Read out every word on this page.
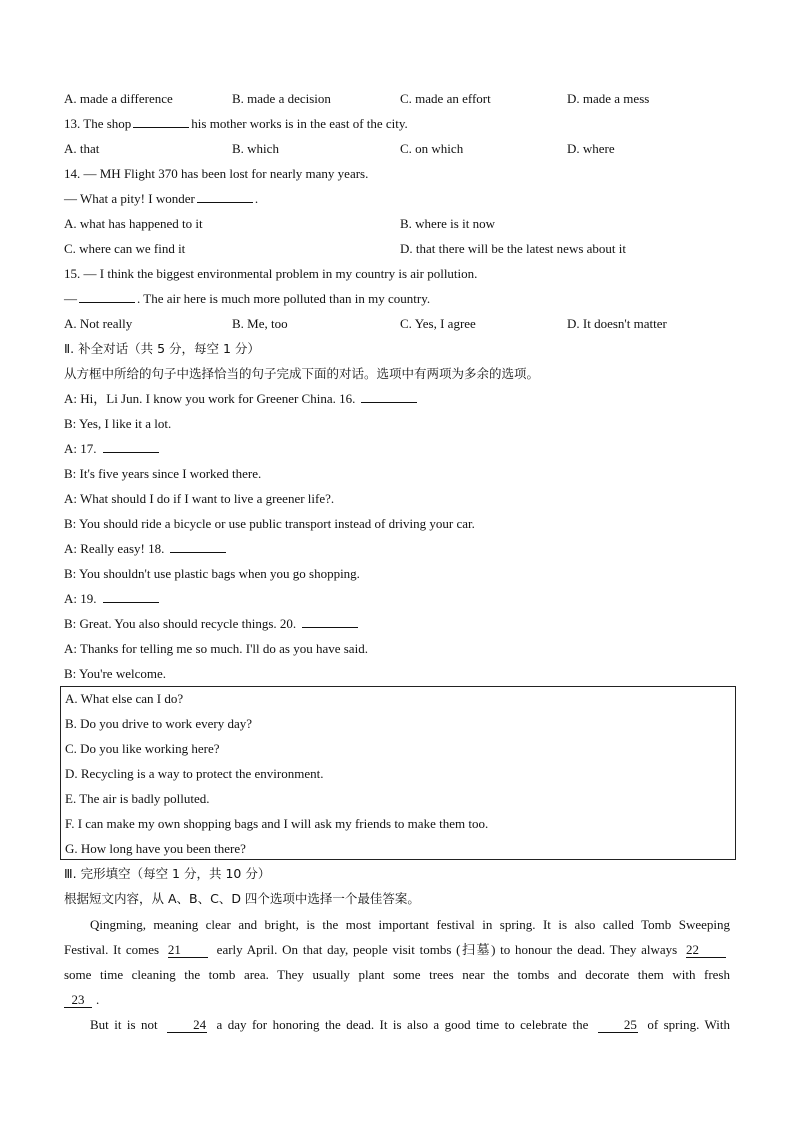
A. made a difference	B. made a decision	C. made an effort	D. made a mess
13. The shop	his mother works is in the east of the city.
A. that	B. which	C. on which	D. where
14. — MH Flight 370 has been lost for nearly many years.
— What a pity! I wonder	.
A. what has happened to it	B. where is it now
C. where can we find it	D. that there will be the latest news about it
15. — I think the biggest environmental problem in my country is air pollution.
—	. The air here is much more polluted than in my country.
A. Not really	B. Me, too	C. Yes, I agree	D. It doesn't matter
Ⅱ. 补全对话（共 5 分，每空 1 分）
从方框中所给的句子中选择恰当的句子完成下面的对话。选项中有两项为多余的选项。
A: Hi，Li Jun. I know you work for Greener China. 16.
B: Yes, I like it a lot.
A: 17.
B: It's five years since I worked there.
A: What should I do if I want to live a greener life?.
B: You should ride a bicycle or use public transport instead of driving your car.
A: Really easy! 18.
B: You shouldn't use plastic bags when you go shopping.
A: 19.
B: Great. You also should recycle things. 20.
A: Thanks for telling me so much. I'll do as you have said.
B: You're welcome.
A. What else can I do?
B. Do you drive to work every day?
C. Do you like working here?
D. Recycling is a way to protect the environment.
E. The air is badly polluted.
F. I can make my own shopping bags and I will ask my friends to make them too.
G. How long have you been there?
Ⅲ. 完形填空（每空 1 分，共 10 分）
根据短文内容，从 A、B、C、D 四个选项中选择一个最佳答案。

Qingming, meaning clear and bright, is the most important festival in spring. It is also called Tomb Sweeping

Festival. It comes 21	early April. On that day, people visit tombs (扫墓) to honour the dead. They always 22

some time cleaning the tomb area. They usually plant some trees near the tombs and decorate them with fresh

23 .

But it is not	24 a day for honoring the dead. It is also a good time to celebrate the	25 of spring. With
